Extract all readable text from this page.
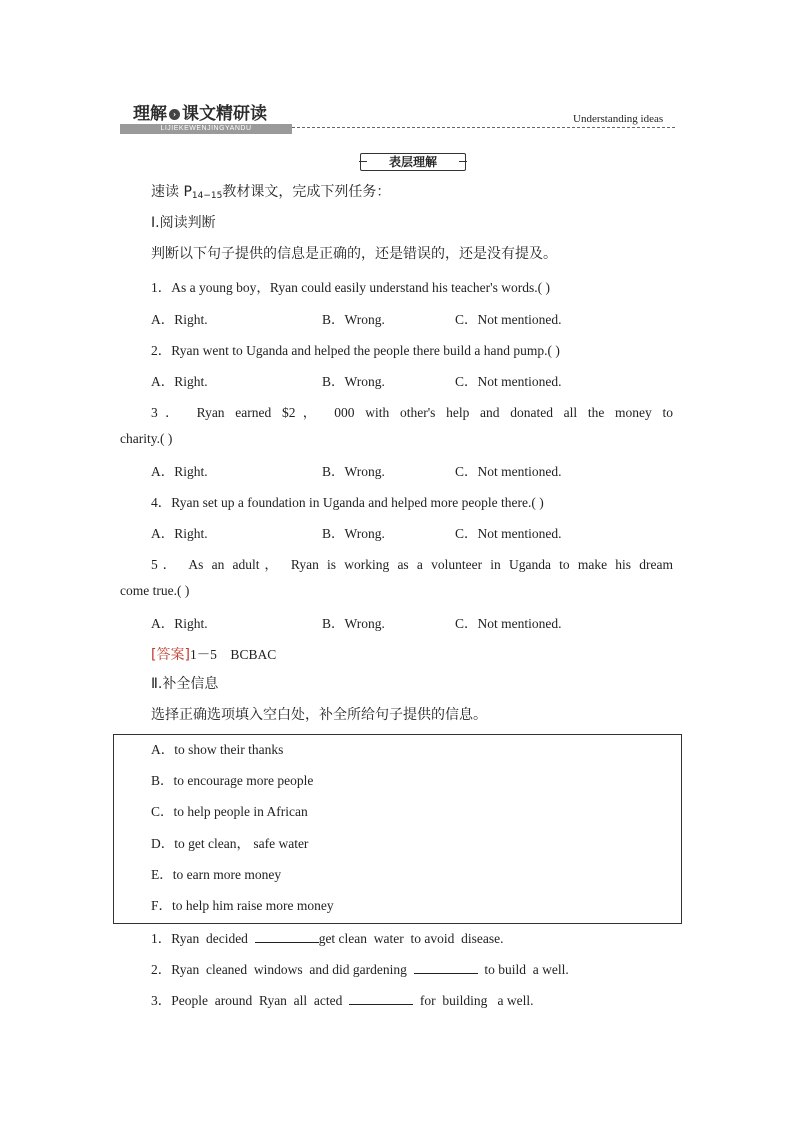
理解 › 课文精研读
LIJIEKEWENJINGYANDU
Understanding ideas
表层理解
速读 $P_{14-15}$教材课文，完成下列任务：
Ⅰ.阅读判断
判断以下句子提供的信息是正确的，还是错误的，还是没有提及。
1．As a young boy，Ryan could easily understand his teacher's words.( )
A．Right.	B．Wrong.	C．Not mentioned.
2．Ryan went to Uganda and helped the people there build a hand pump.( )
A．Right.	B．Wrong.	C．Not mentioned.
3． Ryan earned $2， 000 with other's help and donated all the money to
charity.( )
A．Right.	B．Wrong.	C．Not mentioned.
4．Ryan set up a foundation in Uganda and helped more people there.( )
A．Right.	B．Wrong.	C．Not mentioned.
5． As an adult， Ryan is working as a volunteer in Uganda to make his dream
come true.( )
A．Right.	B．Wrong.	C．Not mentioned.
[答案]1－5    BCBAC
Ⅱ.补全信息
选择正确选项填入空白处，补全所给句子提供的信息。
A．to show their thanks
B．to encourage more people
C．to help people in African
D．to get clean， safe water
E．to earn more money
F．to help him raise more money
1．Ryan  decided	get clean  water  to avoid  disease.
2．Ryan  cleaned  windows  and did gardening	to build  a well.
3．People  around  Ryan  all  acted	for  building   a well.
